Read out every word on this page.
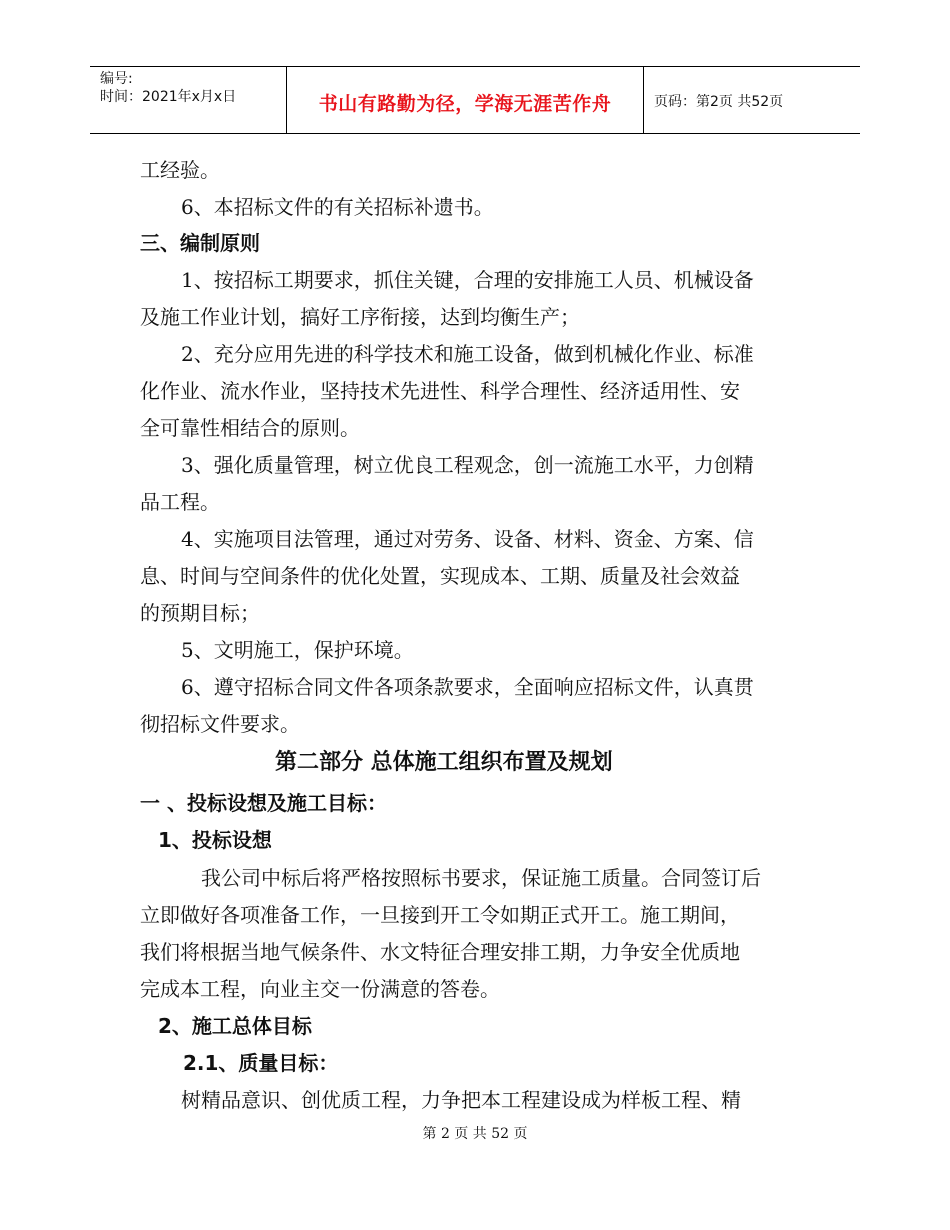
编号:
时间：2021年x月x日	书山有路勤为径，学海无涯苦作舟	页码：第2页 共52页
工经验。
6、本招标文件的有关招标补遗书。
三、编制原则
1、按招标工期要求，抓住关键，合理的安排施工人员、机械设备
及施工作业计划，搞好工序衔接，达到均衡生产；
2、充分应用先进的科学技术和施工设备，做到机械化作业、标准
化作业、流水作业，坚持技术先进性、科学合理性、经济适用性、安
全可靠性相结合的原则。
3、强化质量管理，树立优良工程观念，创一流施工水平，力创精
品工程。
4、实施项目法管理，通过对劳务、设备、材料、资金、方案、信
息、时间与空间条件的优化处置，实现成本、工期、质量及社会效益
的预期目标；
5、文明施工，保护环境。
6、遵守招标合同文件各项条款要求，全面响应招标文件，认真贯
彻招标文件要求。
第二部分 总体施工组织布置及规划
一 、投标设想及施工目标：
1、投标设想
我公司中标后将严格按照标书要求，保证施工质量。合同签订后
立即做好各项准备工作，一旦接到开工令如期正式开工。施工期间，
我们将根据当地气候条件、水文特征合理安排工期，力争安全优质地
完成本工程，向业主交一份满意的答卷。
2、施工总体目标
2.1、质量目标：
树精品意识、创优质工程，力争把本工程建设成为样板工程、精
第 2 页 共 52 页
